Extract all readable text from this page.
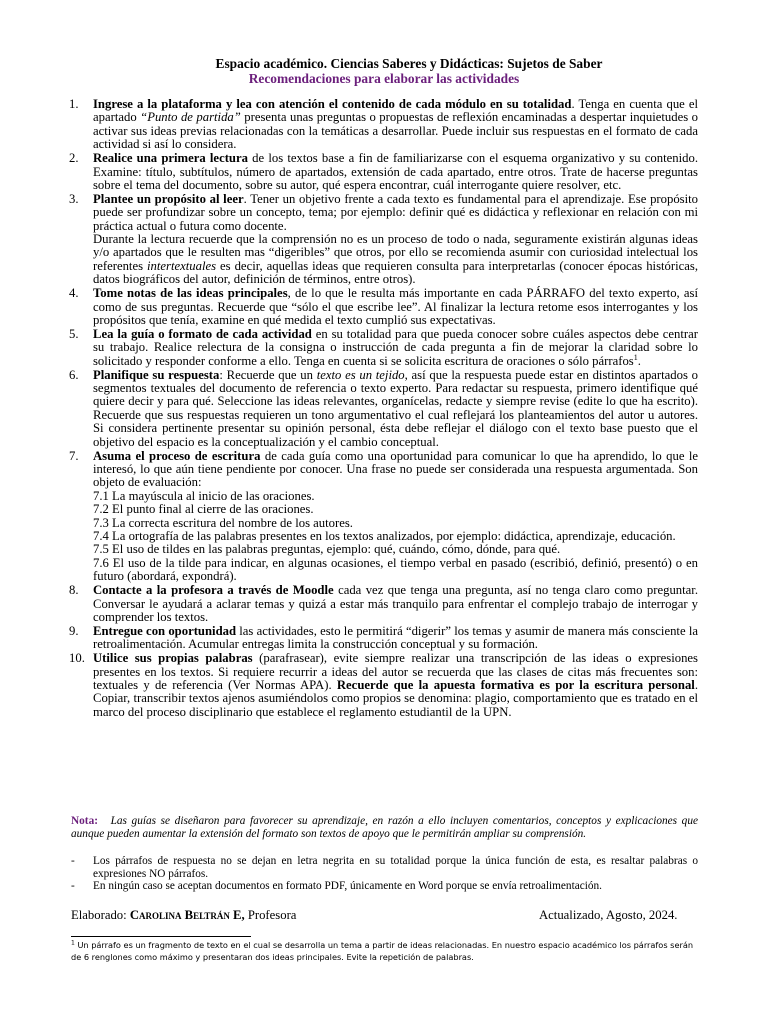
Espacio académico. Ciencias Saberes y Didácticas: Sujetos de Saber
Recomendaciones para elaborar las actividades
1. Ingrese a la plataforma y lea con atención el contenido de cada módulo en su totalidad. Tenga en cuenta que el apartado “Punto de partida” presenta unas preguntas o propuestas de reflexión encaminadas a despertar inquietudes o activar sus ideas previas relacionadas con la temáticas a desarrollar. Puede incluir sus respuestas en el formato de cada actividad si así lo considera.
2. Realice una primera lectura de los textos base a fin de familiarizarse con el esquema organizativo y su contenido. Examine: título, subtítulos, número de apartados, extensión de cada apartado, entre otros. Trate de hacerse preguntas sobre el tema del documento, sobre su autor, qué espera encontrar, cuál interrogante quiere resolver, etc.
3. Plantee un propósito al leer. Tener un objetivo frente a cada texto es fundamental para el aprendizaje. Ese propósito puede ser profundizar sobre un concepto, tema; por ejemplo: definir qué es didáctica y reflexionar en relación con mi práctica actual o futura como docente.
Durante la lectura recuerde que la comprensión no es un proceso de todo o nada, seguramente existirán algunas ideas y/o apartados que le resulten mas “digeribles” que otros, por ello se recomienda asumir con curiosidad intelectual los referentes intertextuales es decir, aquellas ideas que requieren consulta para interpretarlas (conocer épocas históricas, datos biográficos del autor, definición de términos, entre otros).
4. Tome notas de las ideas principales, de lo que le resulta más importante en cada PÁRRAFO del texto experto, así como de sus preguntas. Recuerde que “sólo el que escribe lee”. Al finalizar la lectura retome esos interrogantes y los propósitos que tenía, examine en qué medida el texto cumplió sus expectativas.
5. Lea la guía o formato de cada actividad en su totalidad para que pueda conocer sobre cuáles aspectos debe centrar su trabajo. Realice relectura de la consigna o instrucción de cada pregunta a fin de mejorar la claridad sobre lo solicitado y responder conforme a ello. Tenga en cuenta si se solicita escritura de oraciones o sólo párrafos$^1$.
6. Planifique su respuesta: Recuerde que un texto es un tejido, así que la respuesta puede estar en distintos apartados o segmentos textuales del documento de referencia o texto experto. Para redactar su respuesta, primero identifique qué quiere decir y para qué. Seleccione las ideas relevantes, organícelas, redacte y siempre revise (edite lo que ha escrito). Recuerde que sus respuestas requieren un tono argumentativo el cual reflejará los planteamientos del autor u autores. Si considera pertinente presentar su opinión personal, ésta debe reflejar el diálogo con el texto base puesto que el objetivo del espacio es la conceptualización y el cambio conceptual.
7. Asuma el proceso de escritura de cada guía como una oportunidad para comunicar lo que ha aprendido, lo que le interesó, lo que aún tiene pendiente por conocer. Una frase no puede ser considerada una respuesta argumentada. Son objeto de evaluación:
7.1 La mayúscula al inicio de las oraciones.
7.2 El punto final al cierre de las oraciones.
7.3 La correcta escritura del nombre de los autores.
7.4 La ortografía de las palabras presentes en los textos analizados, por ejemplo: didáctica, aprendizaje, educación.
7.5 El uso de tildes en las palabras preguntas, ejemplo: qué, cuándo, cómo, dónde, para qué.
7.6 El uso de la tilde para indicar, en algunas ocasiones, el tiempo verbal en pasado (escribió, definió, presentó) o en futuro (abordará, expondrá).
8. Contacte a la profesora a través de Moodle cada vez que tenga una pregunta, así no tenga claro como preguntar. Conversar le ayudará a aclarar temas y quizá a estar más tranquilo para enfrentar el complejo trabajo de interrogar y comprender los textos.
9. Entregue con oportunidad las actividades, esto le permitirá “digerir” los temas y asumir de manera más consciente la retroalimentación. Acumular entregas limita la construcción conceptual y su formación.
10. Utilice sus propias palabras (parafrasear), evite siempre realizar una transcripción de las ideas o expresiones presentes en los textos. Si requiere recurrir a ideas del autor se recuerda que las clases de citas más frecuentes son: textuales y de referencia (Ver Normas APA). Recuerde que la apuesta formativa es por la escritura personal. Copiar, transcribir textos ajenos asumiéndolos como propios se denomina: plagio, comportamiento que es tratado en el marco del proceso disciplinario que establece el reglamento estudiantil de la UPN.
Nota: Las guías se diseñaron para favorecer su aprendizaje, en razón a ello incluyen comentarios, conceptos y explicaciones que aunque pueden aumentar la extensión del formato son textos de apoyo que le permitirán ampliar su comprensión.
- Los párrafos de respuesta no se dejan en letra negrita en su totalidad porque la única función de esta, es resaltar palabras o expresiones NO párrafos.
- En ningún caso se aceptan documentos en formato PDF, únicamente en Word porque se envía retroalimentación.
Elaborado: Carolina Beltrán E, Profesora	Actualizado, Agosto, 2024.
$^1$ Un párrafo es un fragmento de texto en el cual se desarrolla un tema a partir de ideas relacionadas. En nuestro espacio académico los párrafos serán de 6 renglones como máximo y presentaran dos ideas principales. Evite la repetición de palabras.
